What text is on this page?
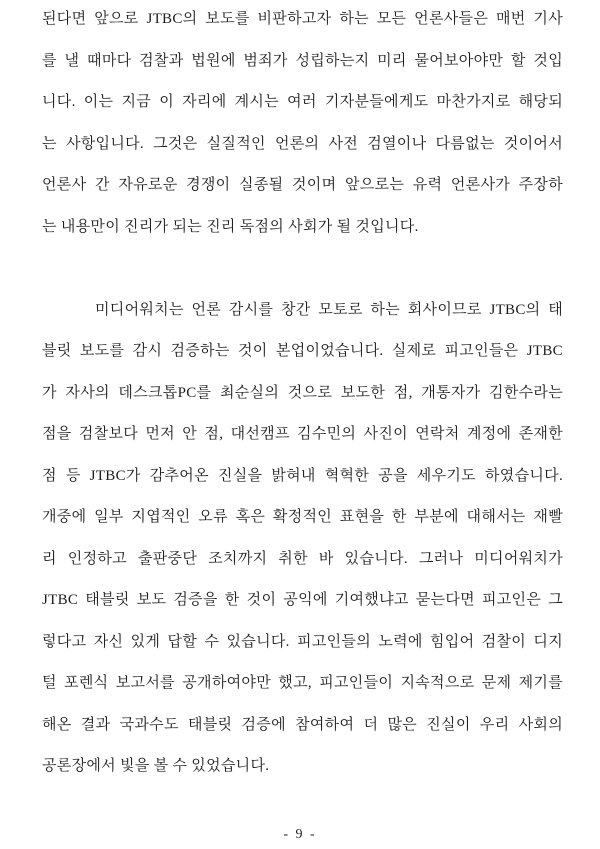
된다면 앞으로 JTBC의 보도를 비판하고자 하는 모든 언론사들은 매번 기사
를 낼 때마다 검찰과 법원에 범죄가 성립하는지 미리 물어보아야만 할 것입
니다. 이는 지금 이 자리에 계시는 여러 기자분들에게도 마찬가지로 해당되
는 사항입니다. 그것은 실질적인 언론의 사전 검열이나 다름없는 것이어서
언론사 간 자유로운 경쟁이 실종될 것이며 앞으로는 유력 언론사가 주장하
는 내용만이 진리가 되는 진리 독점의 사회가 될 것입니다.
미디어워치는 언론 감시를 창간 모토로 하는 회사이므로 JTBC의 태
블릿 보도를 감시 검증하는 것이 본업이었습니다. 실제로 피고인들은 JTBC
가 자사의 데스크톱PC를 최순실의 것으로 보도한 점, 개통자가 김한수라는
점을 검찰보다 먼저 안 점, 대선캠프 김수민의 사진이 연락처 계정에 존재한
점 등 JTBC가 감추어온 진실을 밝혀내 혁혁한 공을 세우기도 하였습니다.
개중에 일부 지엽적인 오류 혹은 확정적인 표현을 한 부분에 대해서는 재빨
리 인정하고 출판중단 조치까지 취한 바 있습니다. 그러나 미디어워치가
JTBC 태블릿 보도 검증을 한 것이 공익에 기여했냐고 묻는다면 피고인은 그
렇다고 자신 있게 답할 수 있습니다. 피고인들의 노력에 힘입어 검찰이 디지
털 포렌식 보고서를 공개하여야만 했고, 피고인들이 지속적으로 문제 제기를
해온 결과 국과수도 태블릿 검증에 참여하여 더 많은 진실이 우리 사회의
공론장에서 빛을 볼 수 있었습니다.
- 9 -
